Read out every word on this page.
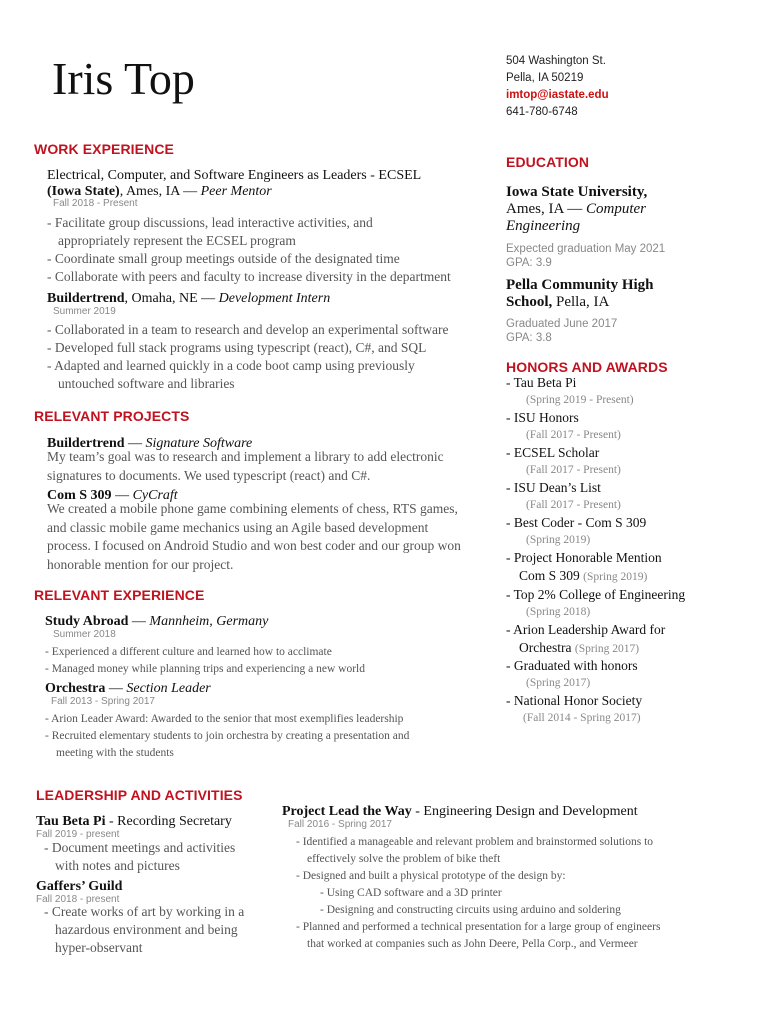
Iris Top	504 Washington St.
Pella, IA 50219
imtop@iastate.edu
641-780-6748
WORK EXPERIENCE
Electrical, Computer, and Software Engineers as Leaders - ECSEL
(Iowa State), Ames, IA — Peer Mentor
Fall 2018 - Present
- Facilitate group discussions, lead interactive activities, and
appropriately represent the ECSEL program
- Coordinate small group meetings outside of the designated time
- Collaborate with peers and faculty to increase diversity in the department
Buildertrend, Omaha, NE — Development Intern
Summer 2019
- Collaborated in a team to research and develop an experimental software
- Developed full stack programs using typescript (react), C#, and SQL
- Adapted and learned quickly in a code boot camp using previously
untouched software and libraries
RELEVANT PROJECTS
Buildertrend — Signature Software
My team’s goal was to research and implement a library to add electronic
signatures to documents. We used typescript (react) and C#.
Com S 309 — CyCraft
We created a mobile phone game combining elements of chess, RTS games,
and classic mobile game mechanics using an Agile based development
process. I focused on Android Studio and won best coder and our group won
honorable mention for our project.
RELEVANT EXPERIENCE
Study Abroad — Mannheim, Germany
Summer 2018
- Experienced a different culture and learned how to acclimate
- Managed money while planning trips and experiencing a new world
Orchestra — Section Leader
Fall 2013 - Spring 2017
- Arion Leader Award: Awarded to the senior that most exemplifies leadership
- Recruited elementary students to join orchestra by creating a presentation and
meeting with the students
LEADERSHIP AND ACTIVITIES
Tau Beta Pi - Recording Secretary
Fall 2019 - present
- Document meetings and activities
with notes and pictures
Gaffers’ Guild
Fall 2018 - present
- Create works of art by working in a
hazardous environment and being
hyper-observant
Project Lead the Way - Engineering Design and Development
Fall 2016 - Spring 2017
- Identified a manageable and relevant problem and brainstormed solutions to
effectively solve the problem of bike theft
- Designed and built a physical prototype of the design by:
- Using CAD software and a 3D printer
- Designing and constructing circuits using arduino and soldering
- Planned and performed a technical presentation for a large group of engineers
that worked at companies such as John Deere, Pella Corp., and Vermeer
EDUCATION
Iowa State University,
Ames, IA — Computer
Engineering
Expected graduation May 2021
GPA: 3.9
Pella Community High
School, Pella, IA
Graduated June 2017
GPA: 3.8
HONORS AND AWARDS
- Tau Beta Pi
(Spring 2019 - Present)
- ISU Honors
(Fall 2017 - Present)
- ECSEL Scholar
(Fall 2017 - Present)
- ISU Dean’s List
(Fall 2017 - Present)
- Best Coder - Com S 309
(Spring 2019)
- Project Honorable Mention
Com S 309 (Spring 2019)
- Top 2% College of Engineering
(Spring 2018)
- Arion Leadership Award for
Orchestra (Spring 2017)
- Graduated with honors
(Spring 2017)
- National Honor Society
(Fall 2014 - Spring 2017)
